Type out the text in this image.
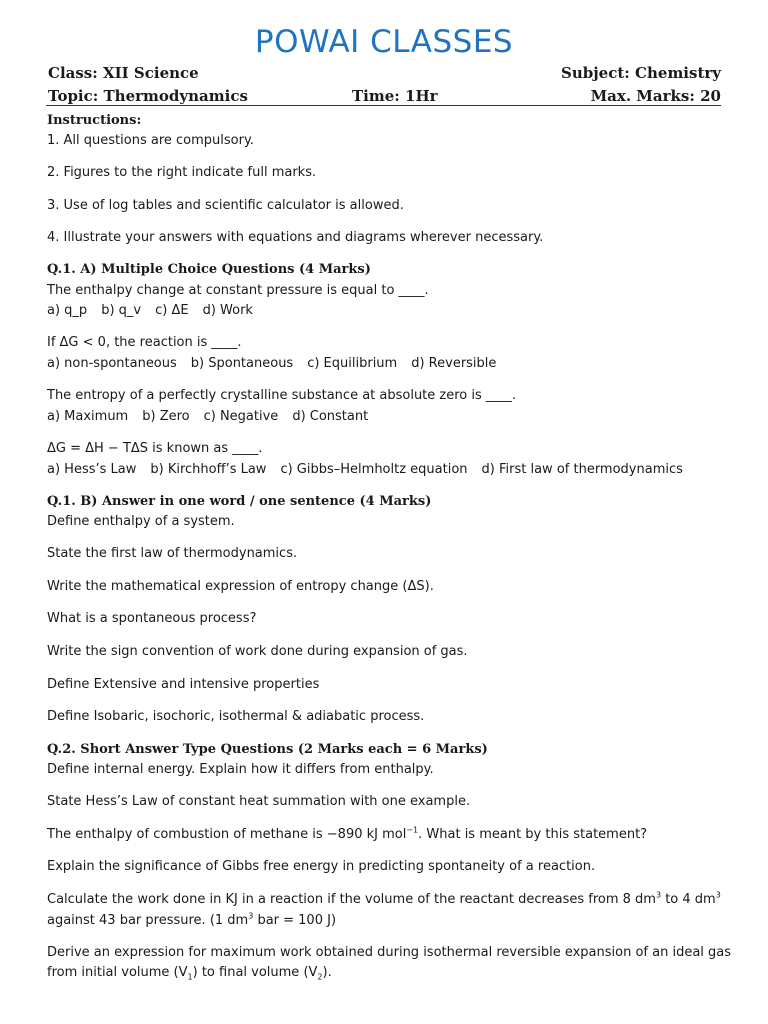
POWAI CLASSES
Class: XII Science	Subject: Chemistry
Topic: Thermodynamics	Time: 1Hr	Max. Marks: 20
Instructions:
1. All questions are compulsory.
2. Figures to the right indicate full marks.
3. Use of log tables and scientific calculator is allowed.
4. Illustrate your answers with equations and diagrams wherever necessary.
Q.1. A) Multiple Choice Questions (4 Marks)
The enthalpy change at constant pressure is equal to ____.
a) q_p b) q_v c) ΔE d) Work
If ΔG < 0, the reaction is ____.
a) non-spontaneous b) Spontaneous c) Equilibrium d) Reversible
The entropy of a perfectly crystalline substance at absolute zero is ____.
a) Maximum b) Zero c) Negative d) Constant
ΔG = ΔH − TΔS is known as ____.
a) Hess’s Law b) Kirchhoff’s Law c) Gibbs–Helmholtz equation d) First law of thermodynamics
Q.1. B) Answer in one word / one sentence (4 Marks)
Define enthalpy of a system.
State the first law of thermodynamics.
Write the mathematical expression of entropy change (ΔS).
What is a spontaneous process?
Write the sign convention of work done during expansion of gas.
Define Extensive and intensive properties
Define Isobaric, isochoric, isothermal & adiabatic process.
Q.2. Short Answer Type Questions (2 Marks each = 6 Marks)
Define internal energy. Explain how it differs from enthalpy.
State Hess’s Law of constant heat summation with one example.
The enthalpy of combustion of methane is −890 kJ mol$^{-1}$. What is meant by this statement?
Explain the significance of Gibbs free energy in predicting spontaneity of a reaction.
Calculate the work done in KJ in a reaction if the volume of the reactant decreases from 8 $dm^3$ to 4 $dm^3$
against 43 bar pressure. (1 $dm^3$ bar = 100 J)
Derive an expression for maximum work obtained during isothermal reversible expansion of an ideal gas
from initial volume $(V_1)$ to final volume $(V_2)$.
